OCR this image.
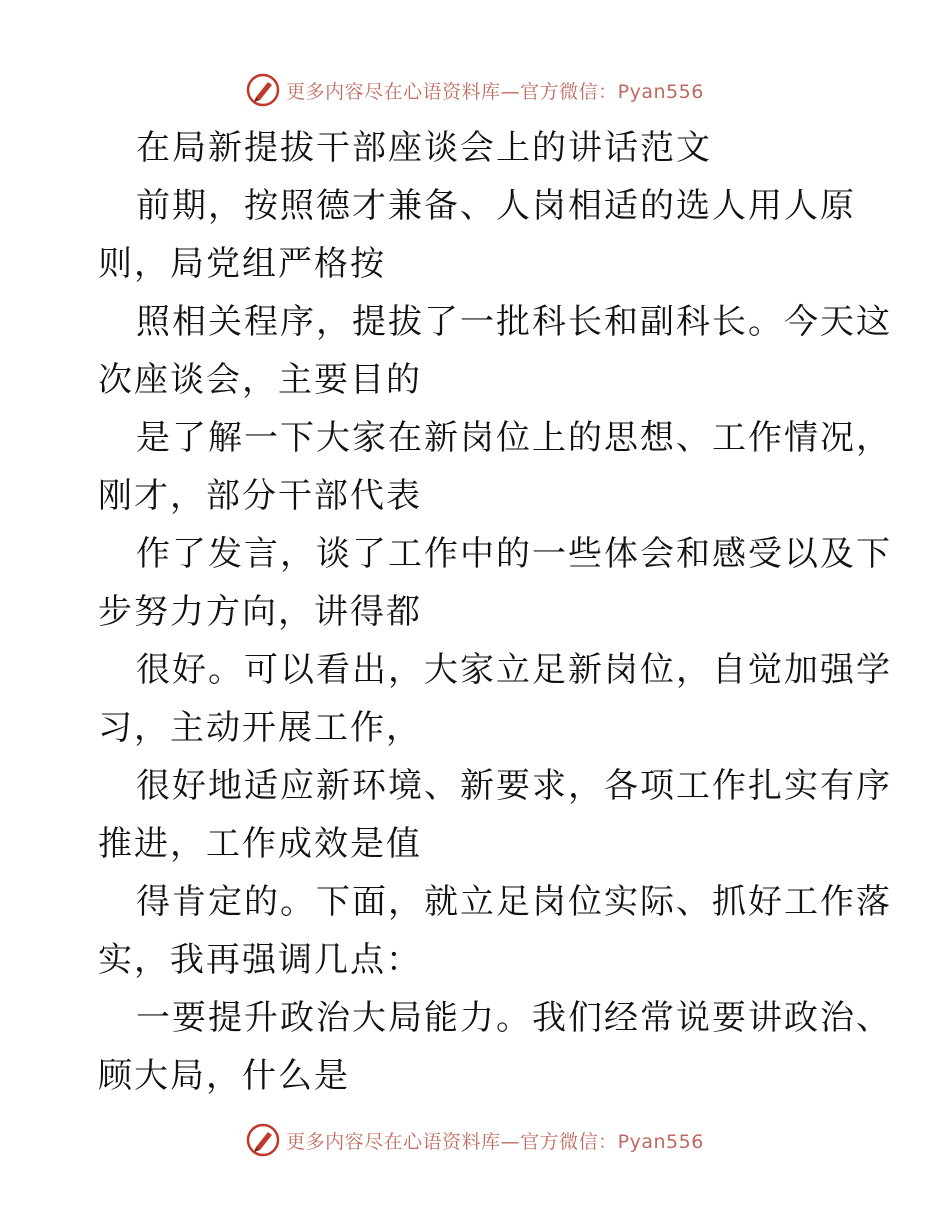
更多内容尽在心语资料库—官方微信：Pyan556
在局新提拔干部座谈会上的讲话范文
前期，按照德才兼备、人岗相适的选人用人原
则，局党组严格按
照相关程序，提拔了一批科长和副科长。今天这
次座谈会，主要目的
是了解一下大家在新岗位上的思想、工作情况，
刚才，部分干部代表
作了发言，谈了工作中的一些体会和感受以及下
步努力方向，讲得都
很好。可以看出，大家立足新岗位，自觉加强学
习，主动开展工作，
很好地适应新环境、新要求，各项工作扎实有序
推进，工作成效是值
得肯定的。下面，就立足岗位实际、抓好工作落
实，我再强调几点：
一要提升政治大局能力。我们经常说要讲政治、
顾大局，什么是
更多内容尽在心语资料库—官方微信：Pyan556
